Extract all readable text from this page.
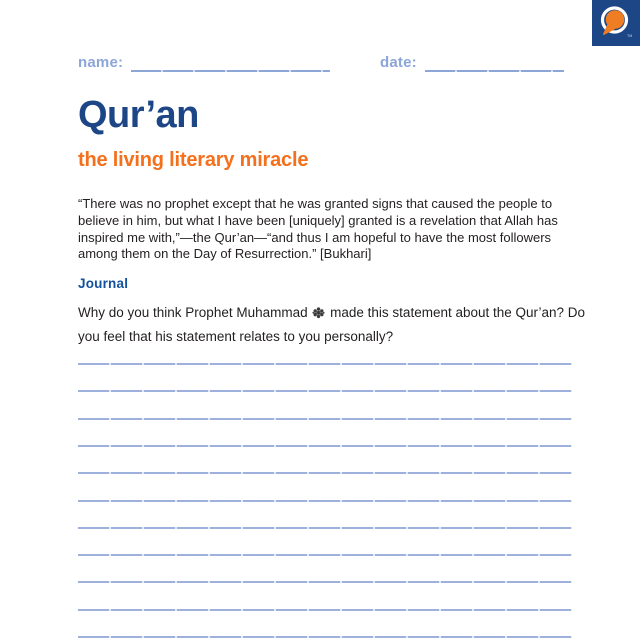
TM
name:	date:
Qur’an
the living literary miracle

“There was no prophet except that he was granted signs that caused the people to believe in him, but what I have been [uniquely] granted is a revelation that Allah has inspired me with,”—the Qur’an—“and thus I am hopeful to have the most followers among them on the Day of Resurrection.” [Bukhari]

Journal

Why do you think Prophet Muhammad made this statement about the Qur’an? Do you feel that his statement relates to you personally?
